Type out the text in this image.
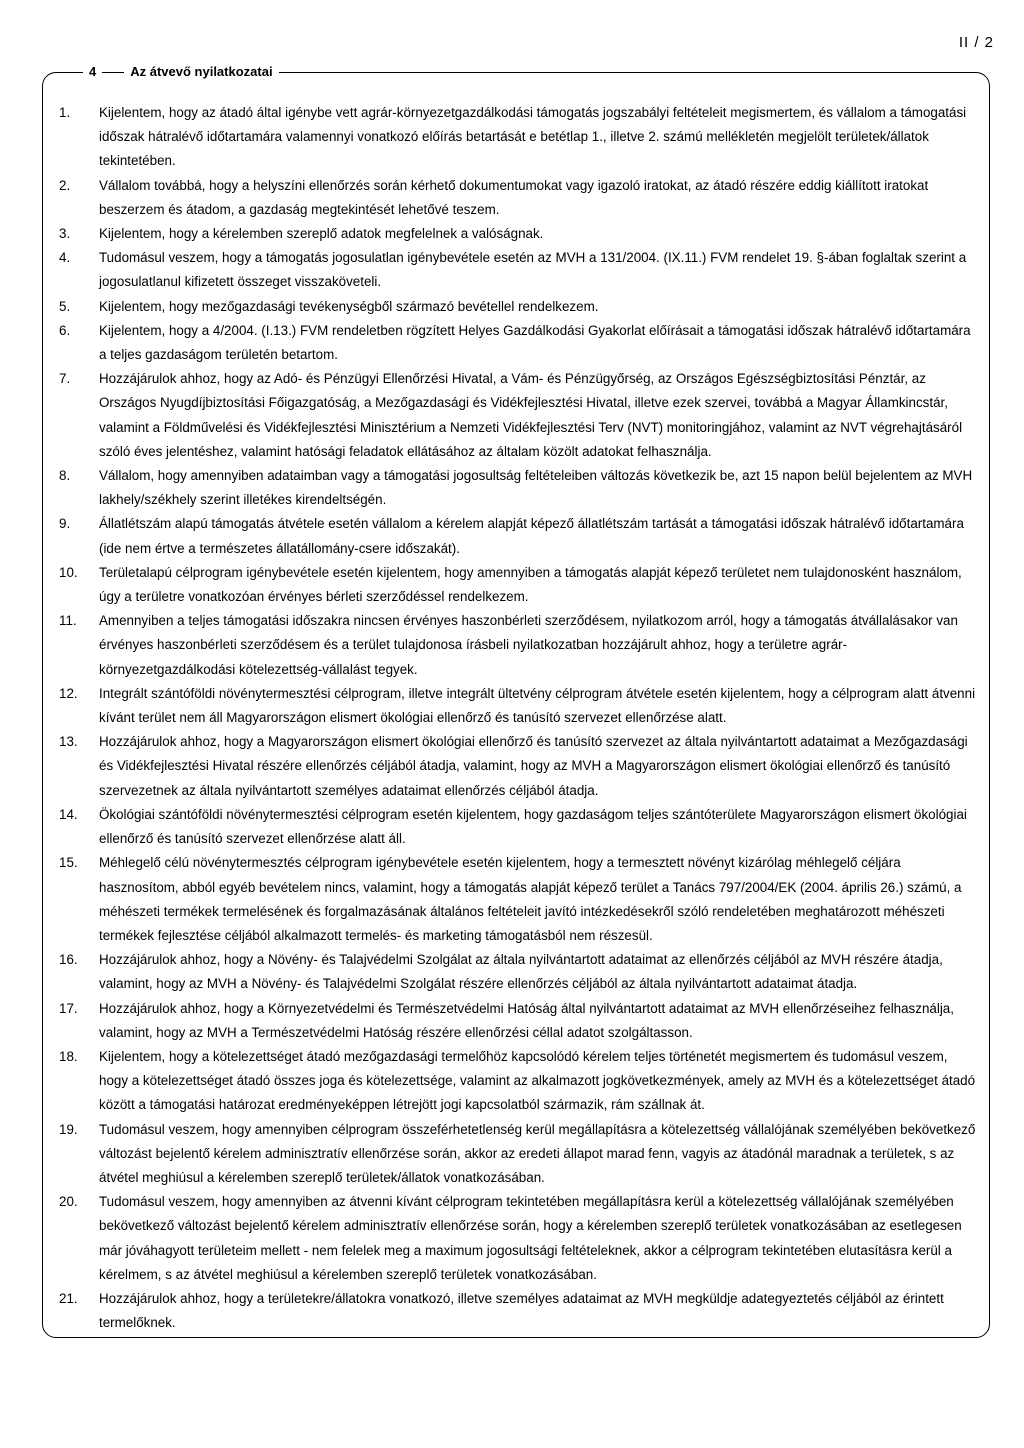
II / 2
4	Az átvevő nyilatkozatai
1.	Kijelentem, hogy az átadó által igénybe vett agrár-környezetgazdálkodási támogatás jogszabályi feltételeit megismertem, és vállalom a támogatási időszak hátralévő időtartamára valamennyi vonatkozó előírás betartását e betétlap 1., illetve 2. számú mellékletén megjelölt területek/állatok tekintetében.
2.	Vállalom továbbá, hogy a helyszíni ellenőrzés során kérhető dokumentumokat vagy igazoló iratokat, az átadó részére eddig kiállított iratokat beszerzem és átadom, a gazdaság megtekintését lehetővé teszem.
3.	Kijelentem, hogy a kérelemben szereplő adatok megfelelnek a valóságnak.
4.	Tudomásul veszem, hogy a támogatás jogosulatlan igénybevétele esetén az MVH a 131/2004. (IX.11.) FVM rendelet 19. §-ában foglaltak szerint a jogosulatlanul kifizetett összeget visszaköveteli.
5.	Kijelentem, hogy mezőgazdasági tevékenységből származó bevétellel rendelkezem.
6.	Kijelentem, hogy a 4/2004. (I.13.) FVM rendeletben rögzített Helyes Gazdálkodási Gyakorlat előírásait a támogatási időszak hátralévő időtartamára a teljes gazdaságom területén betartom.
7.	Hozzájárulok ahhoz, hogy az Adó- és Pénzügyi Ellenőrzési Hivatal, a Vám- és Pénzügyőrség, az Országos Egészségbiztosítási Pénztár, az Országos Nyugdíjbiztosítási Főigazgatóság, a Mezőgazdasági és Vidékfejlesztési Hivatal, illetve ezek szervei, továbbá a Magyar Államkincstár, valamint a Földművelési és Vidékfejlesztési Minisztérium a Nemzeti Vidékfejlesztési Terv (NVT) monitoringjához, valamint az NVT végrehajtásáról szóló éves jelentéshez, valamint hatósági feladatok ellátásához az általam közölt adatokat felhasználja.
8.	Vállalom, hogy amennyiben adataimban vagy a támogatási jogosultság feltételeiben változás következik be, azt 15 napon belül bejelentem az MVH lakhely/székhely szerint illetékes kirendeltségén.
9.	Állatlétszám alapú támogatás átvétele esetén vállalom a kérelem alapját képező állatlétszám tartását a támogatási időszak hátralévő időtartamára (ide nem értve a természetes állatállomány-csere időszakát).
10.	Területalapú célprogram igénybevétele esetén kijelentem, hogy amennyiben a támogatás alapját képező területet nem tulajdonosként használom, úgy a területre vonatkozóan érvényes bérleti szerződéssel rendelkezem.
11.	Amennyiben a teljes támogatási időszakra nincsen érvényes haszonbérleti szerződésem, nyilatkozom arról, hogy a támogatás átvállalásakor van érvényes haszonbérleti szerződésem és a terület tulajdonosa írásbeli nyilatkozatban hozzájárult ahhoz, hogy a területre agrár-környezetgazdálkodási kötelezettség-vállalást tegyek.
12.	Integrált szántóföldi növénytermesztési célprogram, illetve integrált ültetvény célprogram átvétele esetén kijelentem, hogy a célprogram alatt átvenni kívánt terület nem áll Magyarországon elismert ökológiai ellenőrző és tanúsító szervezet ellenőrzése alatt.
13.	Hozzájárulok ahhoz, hogy a Magyarországon elismert ökológiai ellenőrző és tanúsító szervezet az általa nyilvántartott adataimat a Mezőgazdasági és Vidékfejlesztési Hivatal részére ellenőrzés céljából átadja, valamint, hogy az MVH a Magyarországon elismert ökológiai ellenőrző és tanúsító szervezetnek az általa nyilvántartott személyes adataimat ellenőrzés céljából átadja.
14.	Ökológiai szántóföldi növénytermesztési célprogram esetén kijelentem, hogy gazdaságom teljes szántóterülete Magyarországon elismert ökológiai ellenőrző és tanúsító szervezet ellenőrzése alatt áll.
15.	Méhlegelő célú növénytermesztés célprogram igénybevétele esetén kijelentem, hogy a termesztett növényt kizárólag méhlegelő céljára hasznosítom, abból egyéb bevételem nincs, valamint, hogy a támogatás alapját képező terület a Tanács 797/2004/EK (2004. április 26.) számú, a méhészeti termékek termelésének és forgalmazásának általános feltételeit javító intézkedésekről szóló rendeletében meghatározott méhészeti termékek fejlesztése céljából alkalmazott termelés- és marketing támogatásból nem részesül.
16.	Hozzájárulok ahhoz, hogy a Növény- és Talajvédelmi Szolgálat az általa nyilvántartott adataimat az ellenőrzés céljából az MVH részére átadja, valamint, hogy az MVH a Növény- és Talajvédelmi Szolgálat részére ellenőrzés céljából az általa nyilvántartott adataimat átadja.
17.	Hozzájárulok ahhoz, hogy a Környezetvédelmi és Természetvédelmi Hatóság által nyilvántartott adataimat az MVH ellenőrzéseihez felhasználja, valamint, hogy az MVH a Természetvédelmi Hatóság részére ellenőrzési céllal adatot szolgáltasson.
18.	Kijelentem, hogy a kötelezettséget átadó mezőgazdasági termelőhöz kapcsolódó kérelem teljes történetét megismertem és tudomásul veszem, hogy a kötelezettséget átadó összes joga és kötelezettsége, valamint az alkalmazott jogkövetkezmények, amely az MVH és a kötelezettséget átadó között a támogatási határozat eredményeképpen létrejött jogi kapcsolatból származik, rám szállnak át.
19.	Tudomásul veszem, hogy amennyiben célprogram összeférhetetlenség kerül megállapításra a kötelezettség vállalójának személyében bekövetkező változást bejelentő kérelem adminisztratív ellenőrzése során, akkor az eredeti állapot marad fenn, vagyis az átadónál maradnak a területek, s az átvétel meghiúsul a kérelemben szereplő területek/állatok vonatkozásában.
20.	Tudomásul veszem, hogy amennyiben az átvenni kívánt célprogram tekintetében megállapításra kerül a kötelezettség vállalójának személyében bekövetkező változást bejelentő kérelem adminisztratív ellenőrzése során, hogy a kérelemben szereplő területek vonatkozásában az esetlegesen már jóváhagyott területeim mellett - nem felelek meg a maximum jogosultsági feltételeknek, akkor a célprogram tekintetében elutasításra kerül a kérelmem, s az átvétel meghiúsul a kérelemben szereplő területek vonatkozásában.
21.	Hozzájárulok ahhoz, hogy a területekre/állatokra vonatkozó, illetve személyes adataimat az MVH megküldje adategyeztetés céljából az érintett termelőknek.
